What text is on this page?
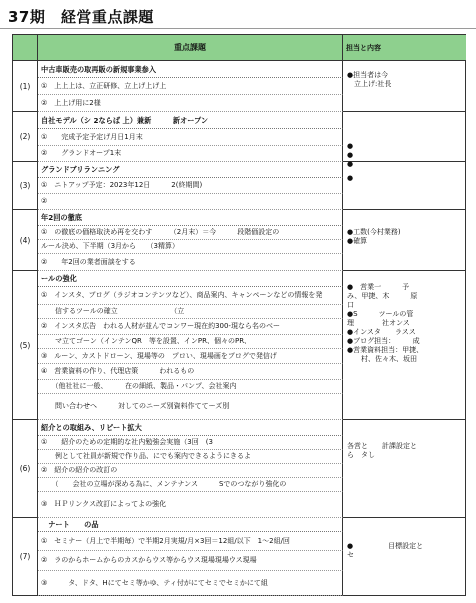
37期　経営重点課題
重点課題	担当と内容
(1)
中古車販売の取再販の新規事業参入
①　上上上は、立正研修、立上げ上げ上
②　上上げ用に2様
●担当者は今
　立上げ:社長
(2)
自社モデル（シ 2ならば 上）兼新　　　新オープン
①　　完成予定予定げ月日1月末
②　　グランドオープ1末
●
●
●
(3)
グランドブリランニング
①　ニトアップ予定：2023年12日　　　2(終期間)
②
●
(4)
年2回の徹底
①　の徹底の価格取決め再を交わす　　　（2月末）＝今　　　段階価設定の
ルール決め、下半期（3月から　　（3精算）
②　　年2回の業者面談をする
●工数(今村業務)
●確算
(5)
ールの強化
①　インスタ、ブログ（ラジオコンテンツなど）、商品案内、キャンペーンなどの情報を発
　　信するツールの確立　　　　　　　　（立
②　インスタ広告　われる人材が並んでコンワー現在約300-現なら名のベー
　　マ立てゴーン（インテンQR　等を設置、インPR、個々のPR、　　　　
③　ルーン、カストドローン、現場等の　プロい、現場画をブログで発信げ
④　営業資料の作り、代理店策　　　われるもの
　　（他社社に一般、　　　在の細紙、製品・パンプ、会社案内
　　問い合わせへ　　　対してのニーズ別資料作ててーズ別
●　営業一　　　予
み、甲捷、木　　　原
口
●S　　　ツールの管
理　　　　社オンス
●インスタ　　ラスス
●ブログ担当：　　　成
●営業資料担当：甲捷、
　　村、佐々木、坂田
(6)
紹介との取組み、リピート拡大
①　　紹介のための定期的な社内勉強会実施（3回　(3
　　例として社員が新規で作り品、にでも案内できるようにきるよ
②　紹介の紹介の改訂の
　　（　　会社の立場が深める為に、メンテナンス　　　Sでのつながり強化の
③　ＨＰリンクス改訂によってよの強化
各営と　　計課設定と
ら　タし
(7)
　ナート　　の品
①　セミナー（月上で半期毎）で半期2月実規/月×3回＝12組/以下　1～2組/回
②　ラのからホームからのカスからウス等からウス現場現場ウス現場
③　　　タ、ドタ、Hにてセミ等かゆ、ティ付がにてセミでセミかにて組
●　　　　　目標設定と
セ　　　　
